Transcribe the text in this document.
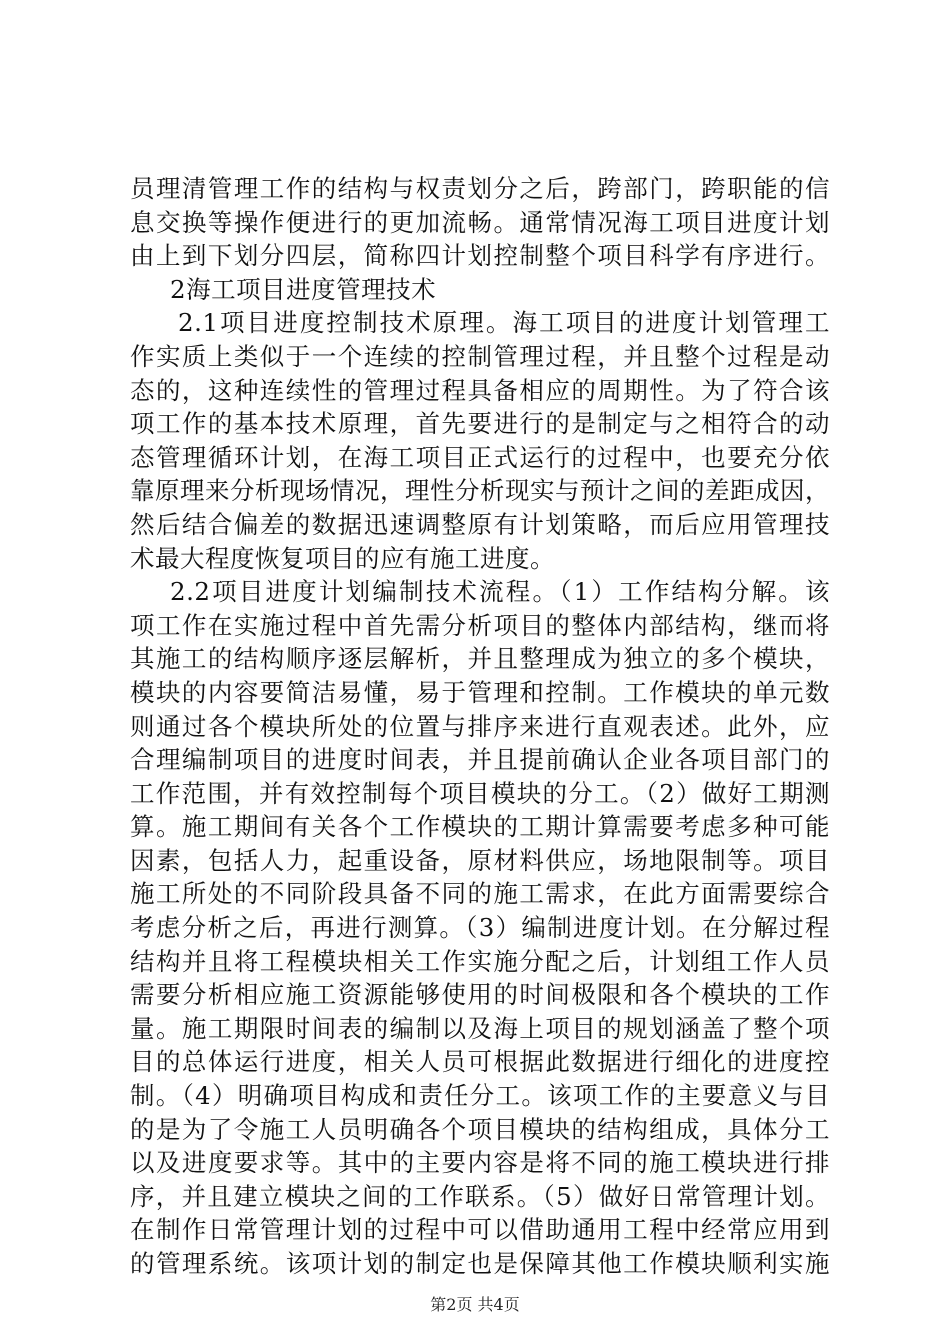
员理清管理工作的结构与权责划分之后，跨部门，跨职能的信
息交换等操作便进行的更加流畅。通常情况海工项目进度计划
由上到下划分四层，简称四计划控制整个项目科学有序进行。
2海工项目进度管理技术
2.1项目进度控制技术原理。海工项目的进度计划管理工
作实质上类似于一个连续的控制管理过程，并且整个过程是动
态的，这种连续性的管理过程具备相应的周期性。为了符合该
项工作的基本技术原理，首先要进行的是制定与之相符合的动
态管理循环计划，在海工项目正式运行的过程中，也要充分依
靠原理来分析现场情况，理性分析现实与预计之间的差距成因，
然后结合偏差的数据迅速调整原有计划策略，而后应用管理技
术最大程度恢复项目的应有施工进度。
2.2项目进度计划编制技术流程。（1）工作结构分解。该
项工作在实施过程中首先需分析项目的整体内部结构，继而将
其施工的结构顺序逐层解析，并且整理成为独立的多个模块，
模块的内容要简洁易懂，易于管理和控制。工作模块的单元数
则通过各个模块所处的位置与排序来进行直观表述。此外，应
合理编制项目的进度时间表，并且提前确认企业各项目部门的
工作范围，并有效控制每个项目模块的分工。（2）做好工期测
算。施工期间有关各个工作模块的工期计算需要考虑多种可能
因素，包括人力，起重设备，原材料供应，场地限制等。项目
施工所处的不同阶段具备不同的施工需求，在此方面需要综合
考虑分析之后，再进行测算。（3）编制进度计划。在分解过程
结构并且将工程模块相关工作实施分配之后，计划组工作人员
需要分析相应施工资源能够使用的时间极限和各个模块的工作
量。施工期限时间表的编制以及海上项目的规划涵盖了整个项
目的总体运行进度，相关人员可根据此数据进行细化的进度控
制。（4）明确项目构成和责任分工。该项工作的主要意义与目
的是为了令施工人员明确各个项目模块的结构组成，具体分工
以及进度要求等。其中的主要内容是将不同的施工模块进行排
序，并且建立模块之间的工作联系。（5）做好日常管理计划。
在制作日常管理计划的过程中可以借助通用工程中经常应用到
的管理系统。该项计划的制定也是保障其他工作模块顺利实施
第2页 共4页
